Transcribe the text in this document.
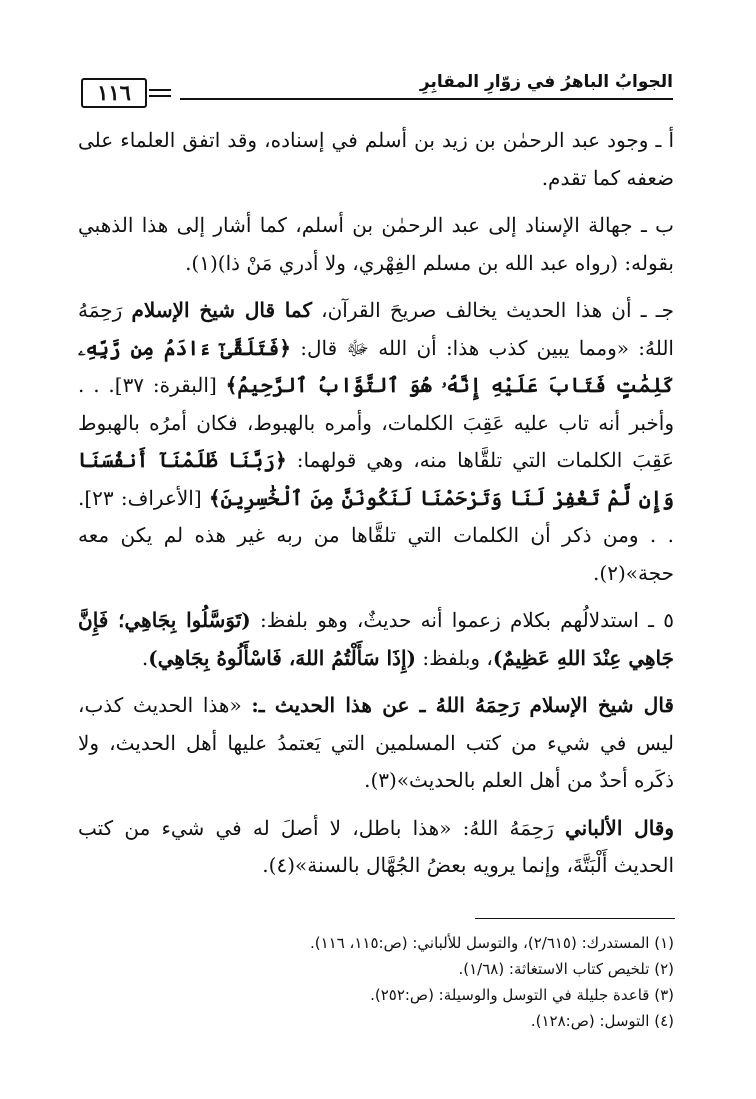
الجوابُ الباهرُ في زوّارِ المقابِرِ
١١٦

أ ـ وجود عبد الرحمٰن بن زيد بن أسلم في إسناده، وقد اتفق العلماء على ضعفه كما تقدم.

ب ـ جهالة الإسناد إلى عبد الرحمٰن بن أسلم، كما أشار إلى هذا الذهبي بقوله: (رواه عبد الله بن مسلم الفِهْري، ولا أدري مَنْ ذا)(١).

جـ ـ أن هذا الحديث يخالف صريحَ القرآن، كما قال شيخ الإسلام رَحِمَهُ اللهُ: «ومما يبين كذب هذا: أن الله ﷻ قال: ﴿فَتَلَقَّىٰٓ ءَادَمُ مِن رَّبِّهِۦ كَلِمَٰتٍ فَتَابَ عَلَيْهِ إِنَّهُۥ هُوَ ٱلتَّوَّابُ ٱلرَّحِيمُ﴾ [البقرة: ٣٧]. . . وأخبر أنه تاب عليه عَقِبَ الكلمات، وأمره بالهبوط، فكان أمرُه بالهبوط عَقِبَ الكلمات التي تلقَّاها منه، وهي قولهما: ﴿رَبَّنَا ظَلَمْنَآ أَنفُسَنَا وَإِن لَّمْ تَغْفِرْ لَنَا وَتَرْحَمْنَا لَنَكُونَنَّ مِنَ ٱلْخَٰسِرِينَ﴾ [الأعراف: ٢٣]. . . ومن ذكر أن الكلمات التي تلقَّاها من ربه غير هذه لم يكن معه حجة»(٢).

٥ ـ استدلالُهم بكلام زعموا أنه حديثٌ، وهو بلفظ: (تَوَسَّلُوا بِجَاهِي؛ فَإِنَّ جَاهِي عِنْدَ اللهِ عَظِيمٌ)، وبلفظ: (إِذَا سَأَلْتُمُ اللهَ، فَاسْأَلُوهُ بِجَاهِي).

قال شيخ الإسلام رَحِمَهُ اللهُ ـ عن هذا الحديث ـ: «هذا الحديث كذب، ليس في شيء من كتب المسلمين التي يَعتمدُ عليها أهل الحديث، ولا ذكَره أحدٌ من أهل العلم بالحديث»(٣).

وقال الألباني رَحِمَهُ اللهُ: «هذا باطل، لا أصلَ له في شيء من كتب الحديث أَلْبَتَّةَ، وإنما يرويه بعضُ الجُهَّال بالسنة»(٤).

(١) المستدرك: (٢/٦١٥)، والتوسل للألباني: (ص:١١٥، ١١٦).
(٢) تلخيص كتاب الاستغاثة: (١/٦٨).
(٣) قاعدة جليلة في التوسل والوسيلة: (ص:٢٥٢).
(٤) التوسل: (ص:١٢٨).
